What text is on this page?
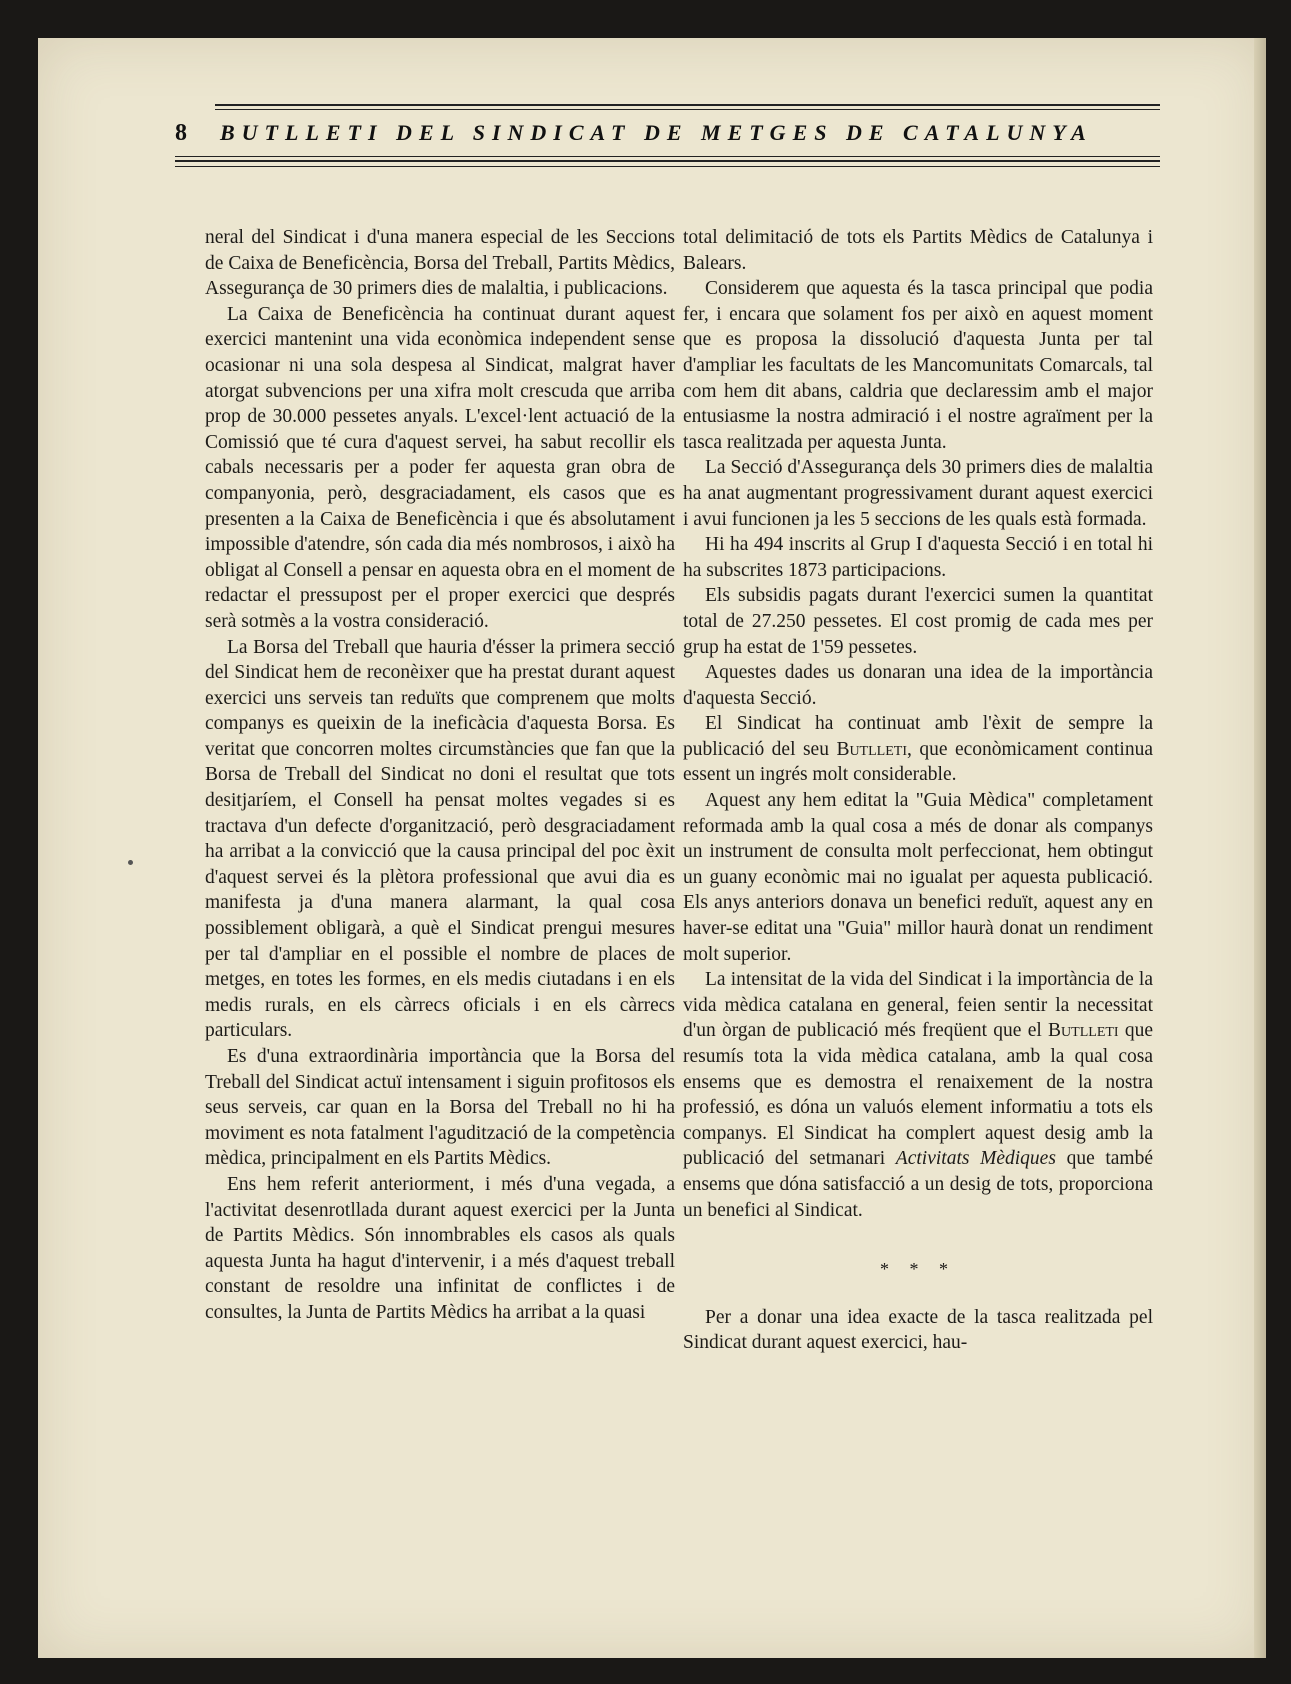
8 BUTLLETI DEL SINDICAT DE METGES DE CATALUNYA

neral del Sindicat i d'una manera especial de les Seccions de Caixa de Beneficència, Borsa del Treball, Partits Mèdics, Assegurança de 30 primers dies de malaltia, i publicacions.

La Caixa de Beneficència ha continuat durant aquest exercici mantenint una vida econòmica independent sense ocasionar ni una sola despesa al Sindicat, malgrat haver atorgat subvencions per una xifra molt crescuda que arriba prop de 30.000 pessetes anyals. L'excel·lent actuació de la Comissió que té cura d'aquest servei, ha sabut recollir els cabals necessaris per a poder fer aquesta gran obra de companyonia, però, desgraciadament, els casos que es presenten a la Caixa de Beneficència i que és absolutament impossible d'atendre, són cada dia més nombrosos, i això ha obligat al Consell a pensar en aquesta obra en el moment de redactar el pressupost per el proper exercici que després serà sotmès a la vostra consideració.

La Borsa del Treball que hauria d'ésser la primera secció del Sindicat hem de reconèixer que ha prestat durant aquest exercici uns serveis tan reduïts que comprenem que molts companys es queixin de la ineficàcia d'aquesta Borsa. Es veritat que concorren moltes circumstàncies que fan que la Borsa de Treball del Sindicat no doni el resultat que tots desitjaríem, el Consell ha pensat moltes vegades si es tractava d'un defecte d'organització, però desgraciadament ha arribat a la convicció que la causa principal del poc èxit d'aquest servei és la plètora professional que avui dia es manifesta ja d'una manera alarmant, la qual cosa possiblement obligarà, a què el Sindicat prengui mesures per tal d'ampliar en el possible el nombre de places de metges, en totes les formes, en els medis ciutadans i en els medis rurals, en els càrrecs oficials i en els càrrecs particulars.

Es d'una extraordinària importància que la Borsa del Treball del Sindicat actuï intensament i siguin profitosos els seus serveis, car quan en la Borsa del Treball no hi ha moviment es nota fatalment l'agudització de la competència mèdica, principalment en els Partits Mèdics.

Ens hem referit anteriorment, i més d'una vegada, a l'activitat desenrotllada durant aquest exercici per la Junta de Partits Mèdics. Són innombrables els casos als quals aquesta Junta ha hagut d'intervenir, i a més d'aquest treball constant de resoldre una infinitat de conflictes i de consultes, la Junta de Partits Mèdics ha arribat a la quasi

total delimitació de tots els Partits Mèdics de Catalunya i Balears.

Considerem que aquesta és la tasca principal que podia fer, i encara que solament fos per això en aquest moment que es proposa la dissolució d'aquesta Junta per tal d'ampliar les facultats de les Mancomunitats Comarcals, tal com hem dit abans, caldria que declaressim amb el major entusiasme la nostra admiració i el nostre agraïment per la tasca realitzada per aquesta Junta.

La Secció d'Assegurança dels 30 primers dies de malaltia ha anat augmentant progressivament durant aquest exercici i avui funcionen ja les 5 seccions de les quals està formada.

Hi ha 494 inscrits al Grup I d'aquesta Secció i en total hi ha subscrites 1873 participacions.

Els subsidis pagats durant l'exercici sumen la quantitat total de 27.250 pessetes. El cost promig de cada mes per grup ha estat de 1'59 pessetes.

Aquestes dades us donaran una idea de la importància d'aquesta Secció.

El Sindicat ha continuat amb l'èxit de sempre la publicació del seu Butlleti, que econòmicament continua essent un ingrés molt considerable.

Aquest any hem editat la "Guia Mèdica" completament reformada amb la qual cosa a més de donar als companys un instrument de consulta molt perfeccionat, hem obtingut un guany econòmic mai no igualat per aquesta publicació. Els anys anteriors donava un benefici reduït, aquest any en haver-se editat una "Guia" millor haurà donat un rendiment molt superior.

La intensitat de la vida del Sindicat i la importància de la vida mèdica catalana en general, feien sentir la necessitat d'un òrgan de publicació més freqüent que el Butlleti que resumís tota la vida mèdica catalana, amb la qual cosa ensems que es demostra el renaixement de la nostra professió, es dóna un valuós element informatiu a tots els companys. El Sindicat ha complert aquest desig amb la publicació del setmanari Activitats Mèdiques que també ensems que dóna satisfacció a un desig de tots, proporciona un benefici al Sindicat.

* * *

Per a donar una idea exacte de la tasca realitzada pel Sindicat durant aquest exercici, hau-
